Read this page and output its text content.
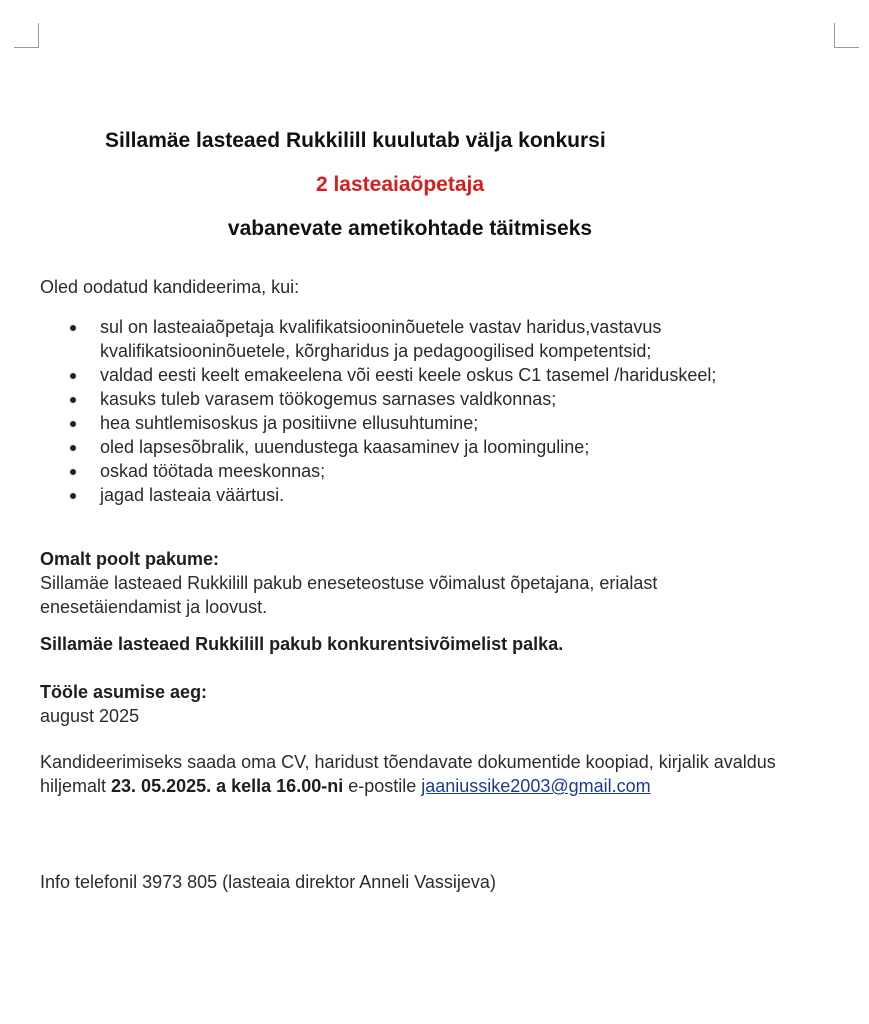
Sillamäe lasteaed Rukkilill kuulutab välja konkursi
2 lasteaiaõpetaja
vabanevate ametikohtade täitmiseks
Oled oodatud kandideerima, kui:
sul on lasteaiaõpetaja kvalifikatsiooninõuetele vastav haridus,vastavus kvalifikatsiooninõuetele, kõrgharidus ja pedagoogilised kompetentsid;
valdad eesti keelt emakeelena või eesti keele oskus C1 tasemel /hariduskeel;
kasuks tuleb varasem töökogemus sarnases valdkonnas;
hea suhtlemisoskus ja positiivne ellusuhtumine;
oled lapsesõbralik, uuendustega kaasaminev ja loominguline;
oskad töötada meeskonnas;
jagad lasteaia väärtusi.
Omalt poolt pakume:
Sillamäe lasteaed Rukkilill pakub eneseteostuse võimalust õpetajana, erialast enesetäiendamist ja loovust.
Sillamäe lasteaed Rukkilill pakub konkurentsivõimelist palka.
Tööle asumise aeg:
august 2025
Kandideerimiseks saada oma CV, haridust tõendavate dokumentide koopiad, kirjalik avaldus hiljemalt 23. 05.2025. a kella 16.00-ni e-postile jaaniussike2003@gmail.com
Info telefonil 3973 805 (lasteaia direktor Anneli Vassijeva)
